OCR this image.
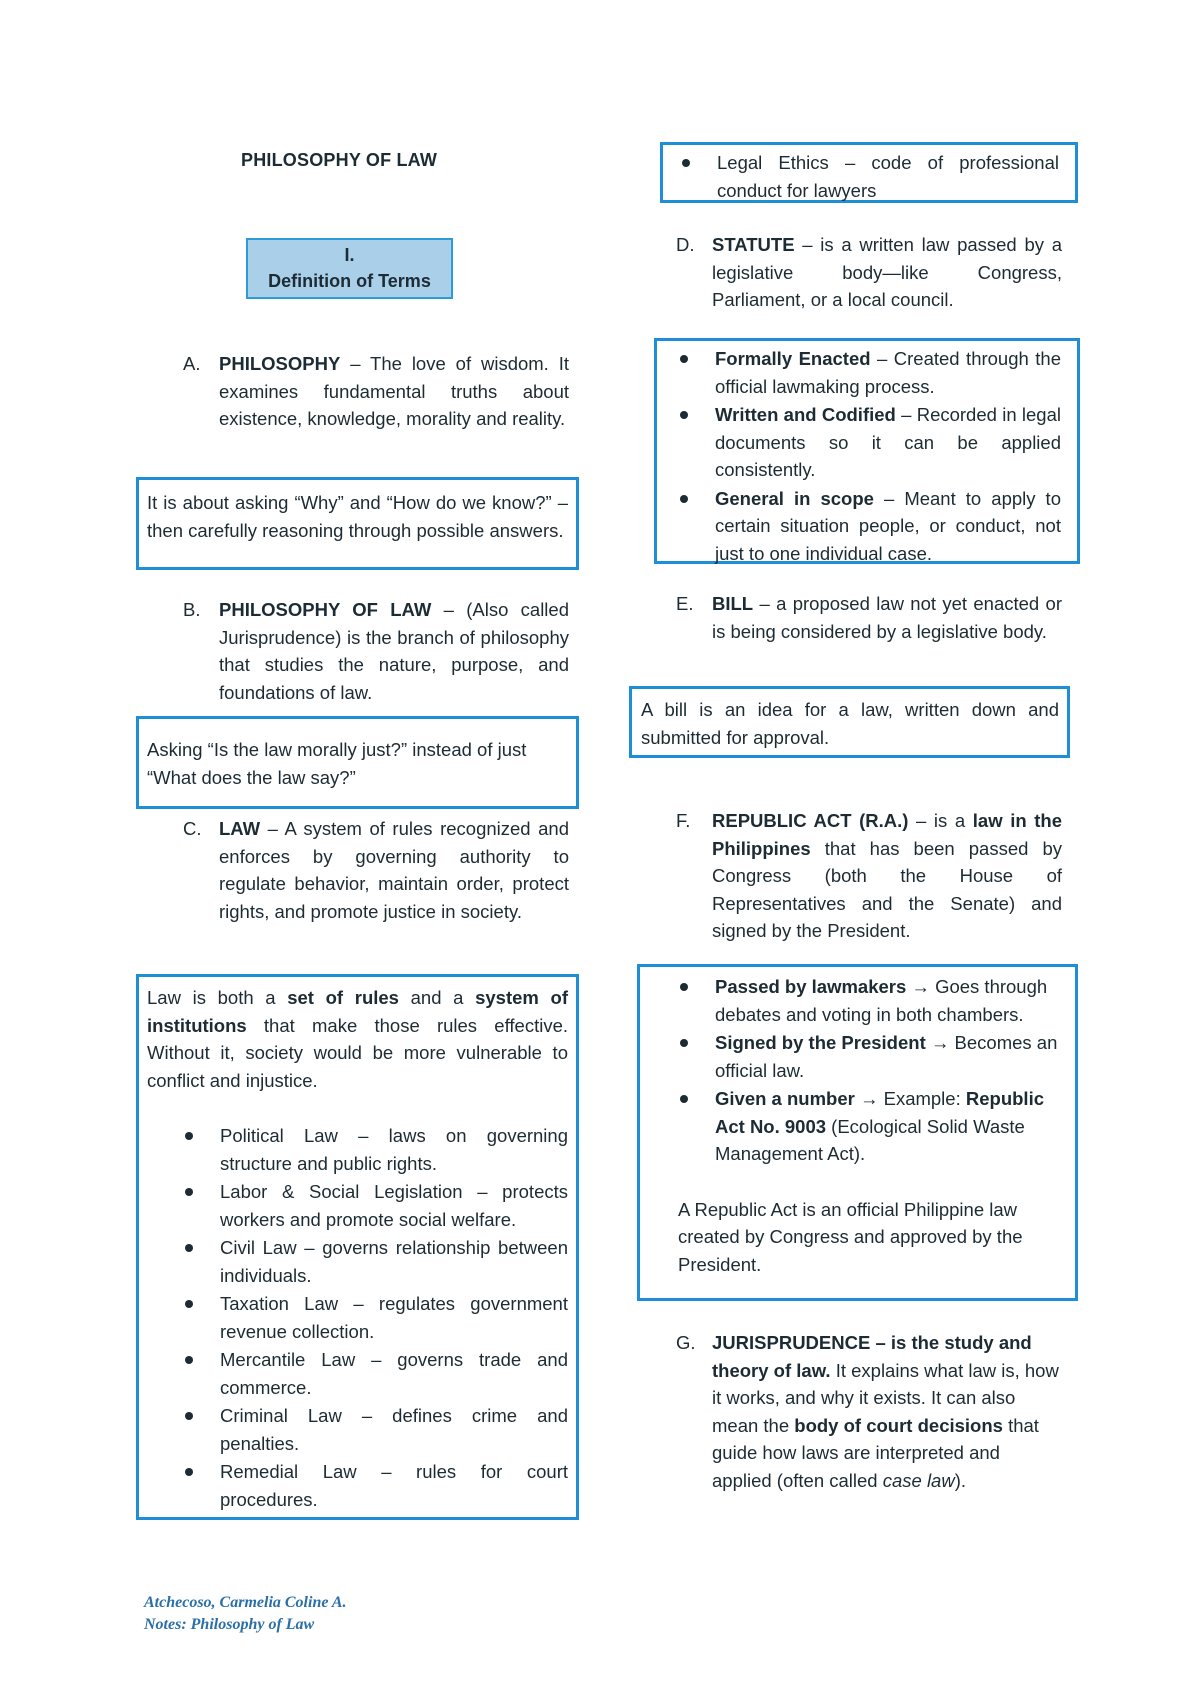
PHILOSOPHY OF LAW
I.
Definition of Terms
A.	PHILOSOPHY – The love of wisdom. It examines fundamental truths about existence, knowledge, morality and reality.

It is about asking “Why” and “How do we know?” – then carefully reasoning through possible answers.

B.	PHILOSOPHY OF LAW – (Also called Jurisprudence) is the branch of philosophy that studies the nature, purpose, and foundations of law.

Asking “Is the law morally just?” instead of just “What does the law say?”

C. LAW – A system of rules recognized and enforces by governing authority to regulate behavior, maintain order, protect rights, and promote justice in society.

Law is both a set of rules and a system of institutions that make those rules effective. Without it, society would be more vulnerable to conflict and injustice.

Political Law – laws on governing structure and public rights.
Labor & Social Legislation – protects workers and promote social welfare.
Civil Law – governs relationship between individuals.
Taxation Law – regulates government revenue collection.
Mercantile Law – governs trade and commerce.
Criminal Law – defines crime and penalties.
Remedial Law – rules for court procedures.
Legal Ethics – code of professional conduct for lawyers
D. STATUTE – is a written law passed by a legislative body—like Congress, Parliament, or a local council.
Formally Enacted – Created through the official lawmaking process.
Written and Codified – Recorded in legal documents so it can be applied consistently.
General in scope – Meant to apply to certain situation people, or conduct, not just to one individual case.
E.	BILL – a proposed law not yet enacted or is being considered by a legislative body.

A bill is an idea for a law, written down and submitted for approval.

F.	REPUBLIC ACT (R.A.) – is a law in the Philippines that has been passed by Congress (both the House of Representatives and the Senate) and signed by the President.
Passed by lawmakers → Goes through debates and voting in both chambers.
Signed by the President → Becomes an official law.
Given a number → Example: Republic Act No. 9003 (Ecological Solid Waste Management Act).

A Republic Act is an official Philippine law created by Congress and approved by the President.

G. JURISPRUDENCE – is the study and theory of law. It explains what law is, how it works, and why it exists. It can also mean the body of court decisions that guide how laws are interpreted and applied (often called case law).
Atchecoso, Carmelia Coline A.
Notes: Philosophy of Law
